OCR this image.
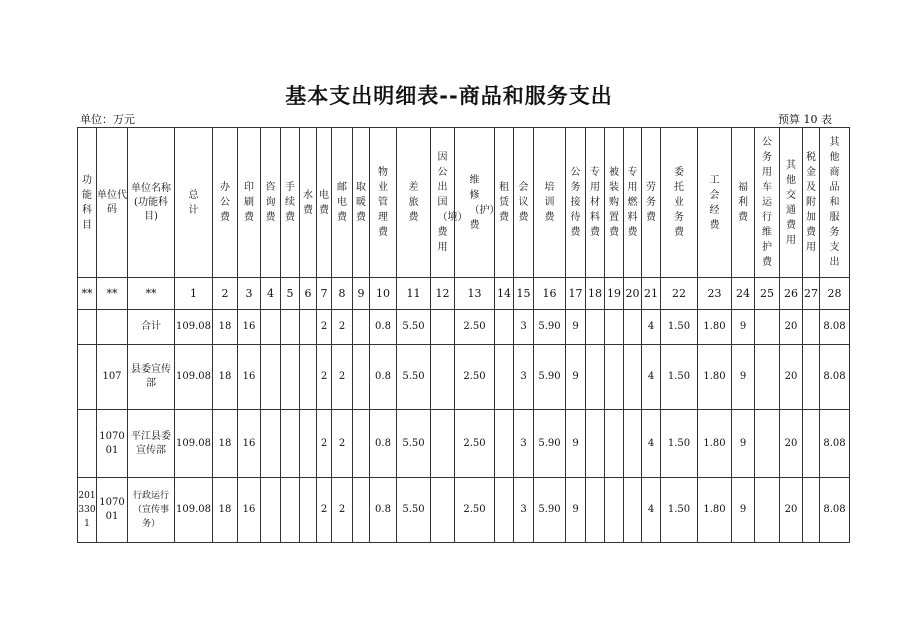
基本支出明细表--商品和服务支出
单位：万元	预算 10 表
功能科目	单位代码	单位名称(功能科目)	总计	办公费	印刷费	咨询费	手续费	水费	电费	邮电费	取暖费	物业管理费	差旅费	因公出国（境）费用	维修（护）费	租赁费	会议费	培训费	公务接待费	专用材料费	被装购置费	专用燃料费	劳务费	委托业务费	工会经费	福利费	公务用车运行维护费	其他交通费用	税金及附加费用	其他商品和服务支出
**	**	**	1	2	3	4	5	6	7	8	9	10	11	12	13	14	15	16	17	18	19	20	21	22	23	24	25	26	27	28
		合计	109.08	18	16				2	2		0.8	5.50		2.50		3	5.90	9				4	1.50	1.80	9		20		8.08
	107	县委宣传部	109.08	18	16				2	2		0.8	5.50		2.50		3	5.90	9				4	1.50	1.80	9		20		8.08
	107001	平江县委宣传部	109.08	18	16				2	2		0.8	5.50		2.50		3	5.90	9				4	1.50	1.80	9		20		8.08
2013301	107001	行政运行（宣传事务）	109.08	18	16				2	2		0.8	5.50		2.50		3	5.90	9				4	1.50	1.80	9		20		8.08
